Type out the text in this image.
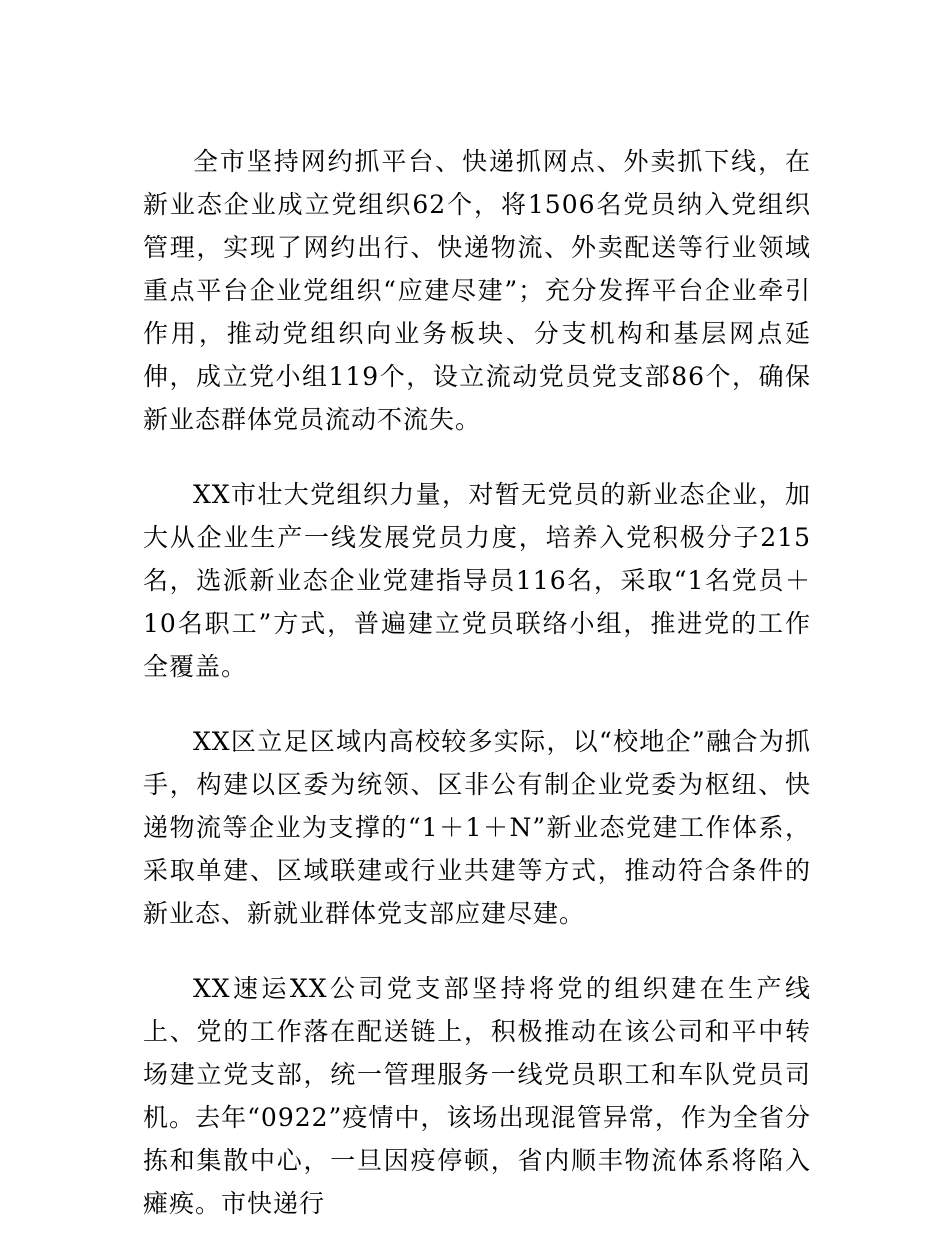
全市坚持网约抓平台、快递抓网点、外卖抓下线，在新业态企业成立党组织62个，将1506名党员纳入党组织管理，实现了网约出行、快递物流、外卖配送等行业领域重点平台企业党组织“应建尽建”；充分发挥平台企业牵引作用，推动党组织向业务板块、分支机构和基层网点延伸，成立党小组119个，设立流动党员党支部86个，确保新业态群体党员流动不流失。

XX市壮大党组织力量，对暂无党员的新业态企业，加大从企业生产一线发展党员力度，培养入党积极分子215名，选派新业态企业党建指导员116名，采取“1名党员＋10名职工”方式，普遍建立党员联络小组，推进党的工作全覆盖。

XX区立足区域内高校较多实际，以“校地企”融合为抓手，构建以区委为统领、区非公有制企业党委为枢纽、快递物流等企业为支撑的“1＋1＋N”新业态党建工作体系，采取单建、区域联建或行业共建等方式，推动符合条件的新业态、新就业群体党支部应建尽建。

XX速运XX公司党支部坚持将党的组织建在生产线上、党的工作落在配送链上，积极推动在该公司和平中转场建立党支部，统一管理服务一线党员职工和车队党员司机。去年“0922”疫情中，该场出现混管异常，作为全省分拣和集散中心，一旦因疫停顿，省内顺丰物流体系将陷入瘫痪。市快递行
